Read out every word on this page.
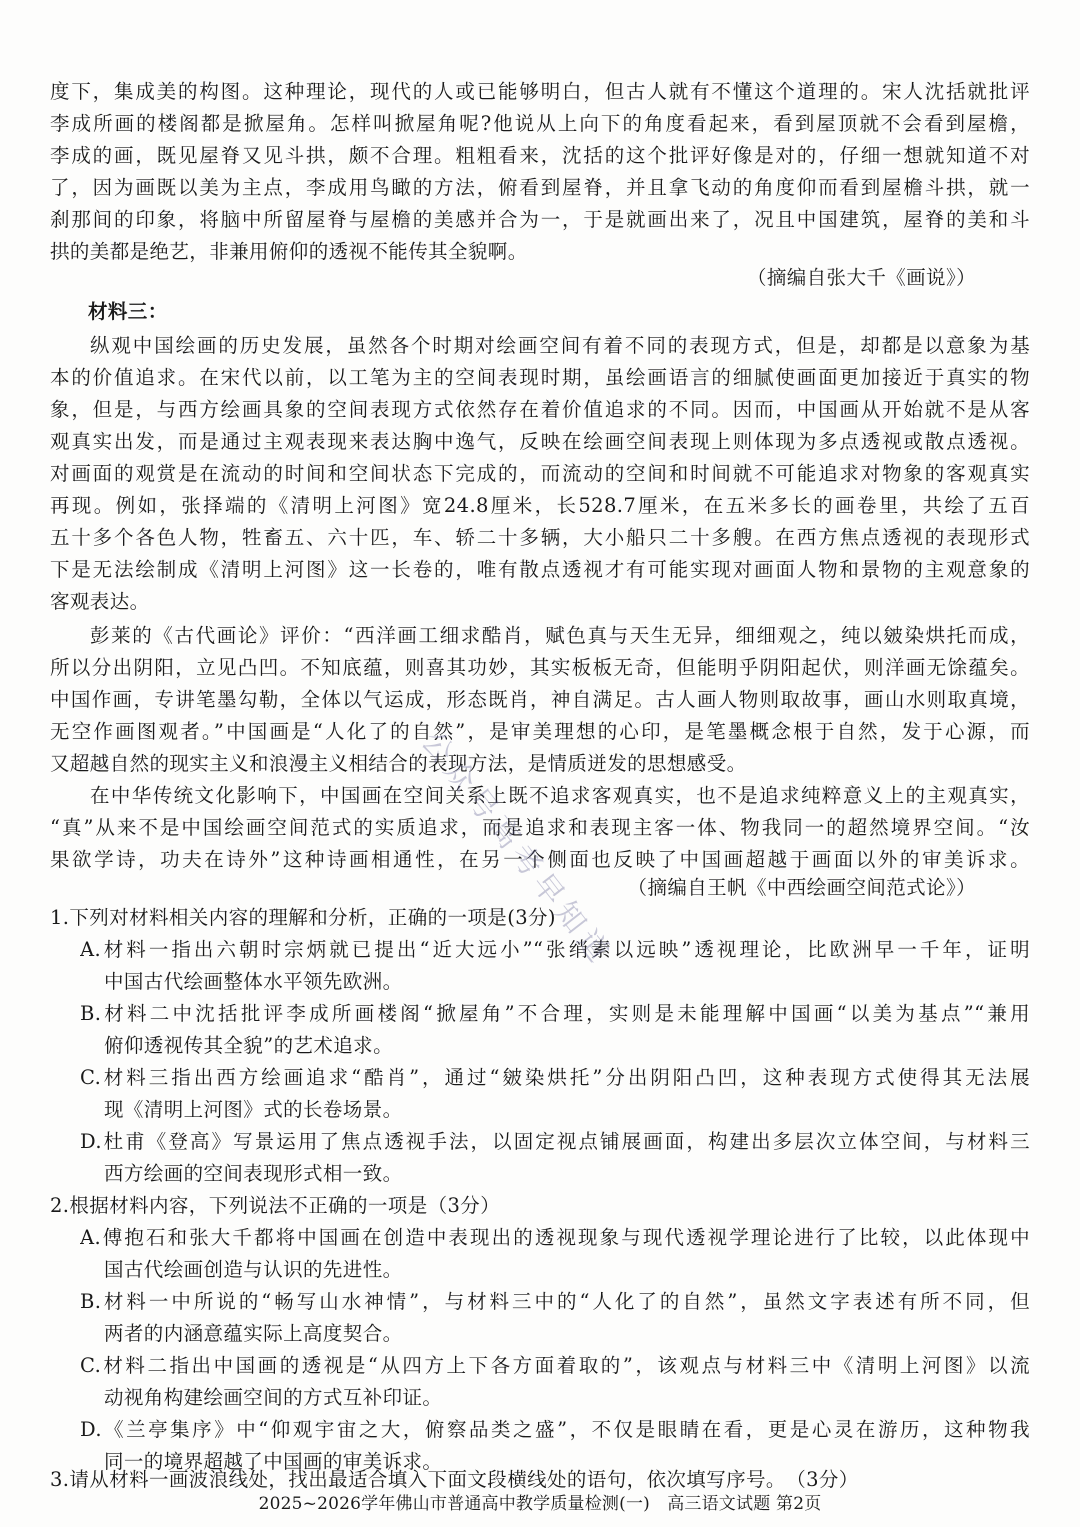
度下，集成美的构图。这种理论，现代的人或已能够明白，但古人就有不懂这个道理的。宋人沈括就批评
李成所画的楼阁都是掀屋角。怎样叫掀屋角呢?他说从上向下的角度看起来，看到屋顶就不会看到屋檐，
李成的画，既见屋脊又见斗拱，颇不合理。粗粗看来，沈括的这个批评好像是对的，仔细一想就知道不对
了，因为画既以美为主点，李成用鸟瞰的方法，俯看到屋脊，并且拿飞动的角度仰而看到屋檐斗拱，就一
刹那间的印象，将脑中所留屋脊与屋檐的美感并合为一，于是就画出来了，况且中国建筑，屋脊的美和斗
拱的美都是绝艺，非兼用俯仰的透视不能传其全貌啊。
（摘编自张大千《画说》）
材料三：
纵观中国绘画的历史发展，虽然各个时期对绘画空间有着不同的表现方式，但是，却都是以意象为基
本的价值追求。在宋代以前，以工笔为主的空间表现时期，虽绘画语言的细腻使画面更加接近于真实的物
象，但是，与西方绘画具象的空间表现方式依然存在着价值追求的不同。因而，中国画从开始就不是从客
观真实出发，而是通过主观表现来表达胸中逸气，反映在绘画空间表现上则体现为多点透视或散点透视。
对画面的观赏是在流动的时间和空间状态下完成的，而流动的空间和时间就不可能追求对物象的客观真实
再现。例如，张择端的《清明上河图》宽24.8厘米，长528.7厘米，在五米多长的画卷里，共绘了五百
五十多个各色人物，牲畜五、六十匹，车、轿二十多辆，大小船只二十多艘。在西方焦点透视的表现形式
下是无法绘制成《清明上河图》这一长卷的，唯有散点透视才有可能实现对画面人物和景物的主观意象的
客观表达。
彭莱的《古代画论》评价：“西洋画工细求酷肖，赋色真与天生无异，细细观之，纯以皴染烘托而成，
所以分出阴阳，立见凸凹。不知底蕴，则喜其功妙，其实板板无奇，但能明乎阴阳起伏，则洋画无馀蕴矣。
中国作画，专讲笔墨勾勒，全体以气运成，形态既肖，神自满足。古人画人物则取故事，画山水则取真境，
无空作画图观者。”中国画是“人化了的自然”，是审美理想的心印，是笔墨概念根于自然，发于心源，而
又超越自然的现实主义和浪漫主义相结合的表现方法，是情质迸发的思想感受。
在中华传统文化影响下，中国画在空间关系上既不追求客观真实，也不是追求纯粹意义上的主观真实，
“真”从来不是中国绘画空间范式的实质追求，而是追求和表现主客一体、物我同一的超然境界空间。“汝
果欲学诗，功夫在诗外”这种诗画相通性，在另一个侧面也反映了中国画超越于画面以外的审美诉求。
（摘编自王帆《中西绘画空间范式论》）
1.下列对材料相关内容的理解和分析，正确的一项是(3分)
A.材料一指出六朝时宗炳就已提出“近大远小”“张绡素以远映”透视理论，比欧洲早一千年，证明
中国古代绘画整体水平领先欧洲。
B.材料二中沈括批评李成所画楼阁“掀屋角”不合理，实则是未能理解中国画“以美为基点”“兼用
俯仰透视传其全貌”的艺术追求。
C.材料三指出西方绘画追求“酷肖”，通过“皴染烘托”分出阴阳凸凹，这种表现方式使得其无法展
现《清明上河图》式的长卷场景。
D.杜甫《登高》写景运用了焦点透视手法，以固定视点铺展画面，构建出多层次立体空间，与材料三
西方绘画的空间表现形式相一致。
2.根据材料内容，下列说法不正确的一项是（3分）
A.傅抱石和张大千都将中国画在创造中表现出的透视现象与现代透视学理论进行了比较，以此体现中
国古代绘画创造与认识的先进性。
B.材料一中所说的“畅写山水神情”，与材料三中的“人化了的自然”，虽然文字表述有所不同，但
两者的内涵意蕴实际上高度契合。
C.材料二指出中国画的透视是“从四方上下各方面着取的”，该观点与材料三中《清明上河图》以流
动视角构建绘画空间的方式互补印证。
D.《兰亭集序》中“仰观宇宙之大，俯察品类之盛”，不仅是眼睛在看，更是心灵在游历，这种物我
同一的境界超越了中国画的审美诉求。
3.请从材料一画波浪线处，找出最适合填入下面文段横线处的语句，依次填写序号。　（3分）
公众号高考早知道
2025~2026学年佛山市普通高中教学质量检测(一)　高三语文试题 第2页
